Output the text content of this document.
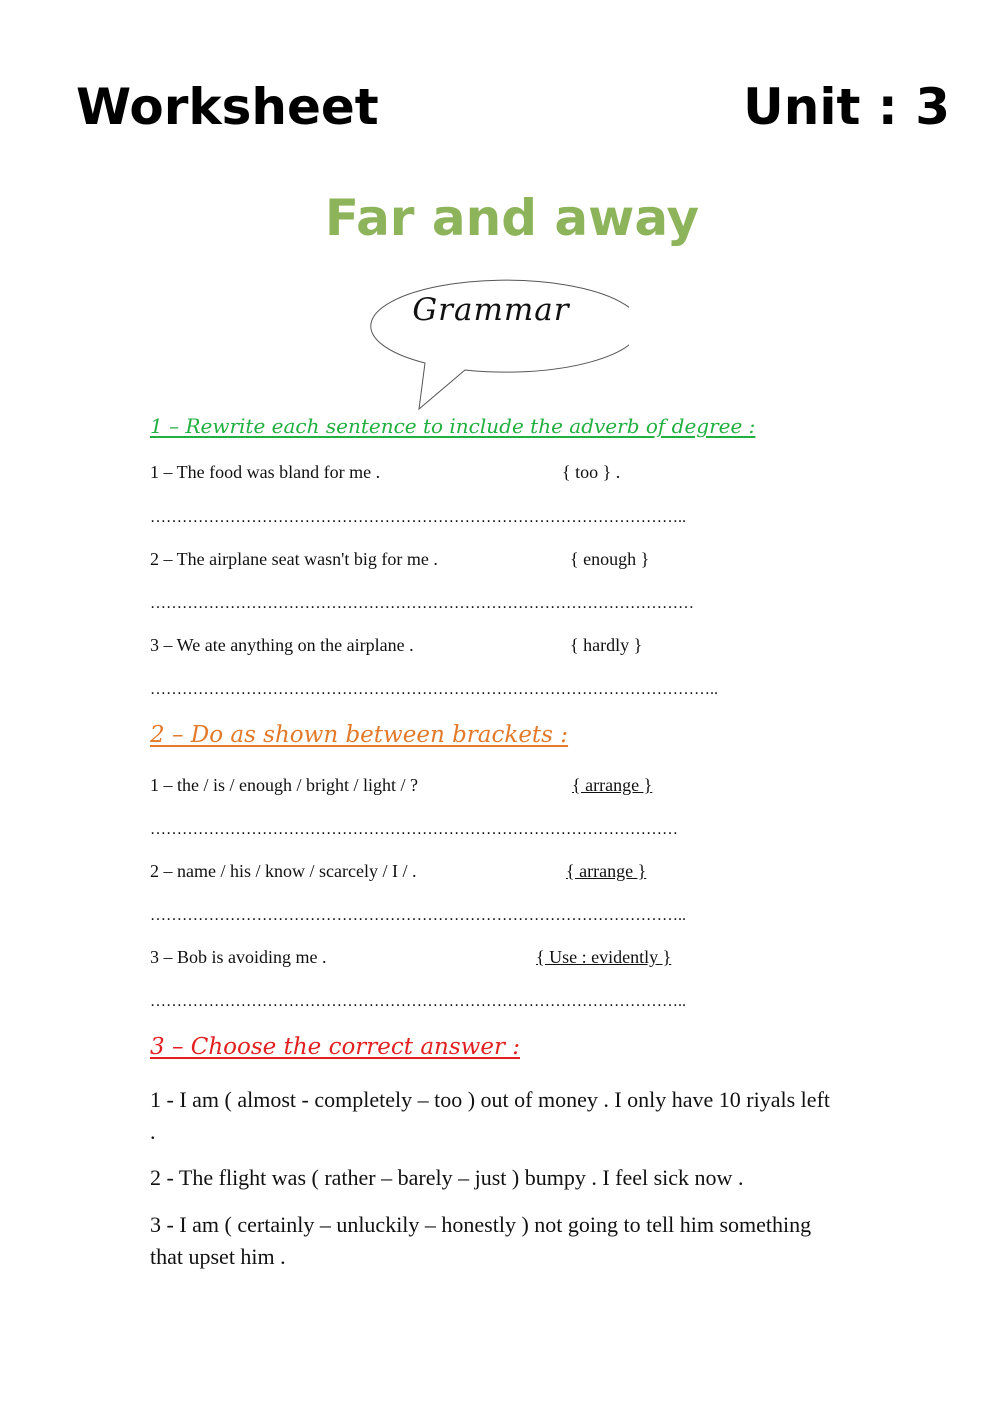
Worksheet	Unit : 3
Far and away
Grammar
1 – Rewrite each sentence to include the adverb of degree :
1 – The food was bland for me .	{ too } .
………………………………………………………………………………………..
2 – The airplane seat wasn't big for me .	{ enough }
…………………………………………………………………………………………
3 – We ate anything on the airplane .	{ hardly }
……………………………………………………………………………………………..
2 – Do as shown between brackets :
1 – the / is / enough / bright / light / ?	{ arrange }
………………………………………………………………………………………
2 – name / his / know / scarcely / I / .	{ arrange }
………………………………………………………………………………………..
3 – Bob is avoiding me .	{ Use : evidently }
………………………………………………………………………………………..
3 – Choose the correct answer :
1 - I am ( almost - completely – too ) out of money . I only have 10 riyals left .
2 - The flight was ( rather – barely – just ) bumpy . I feel sick now .
3 - I am ( certainly – unluckily – honestly ) not going to tell him something that upset him .
